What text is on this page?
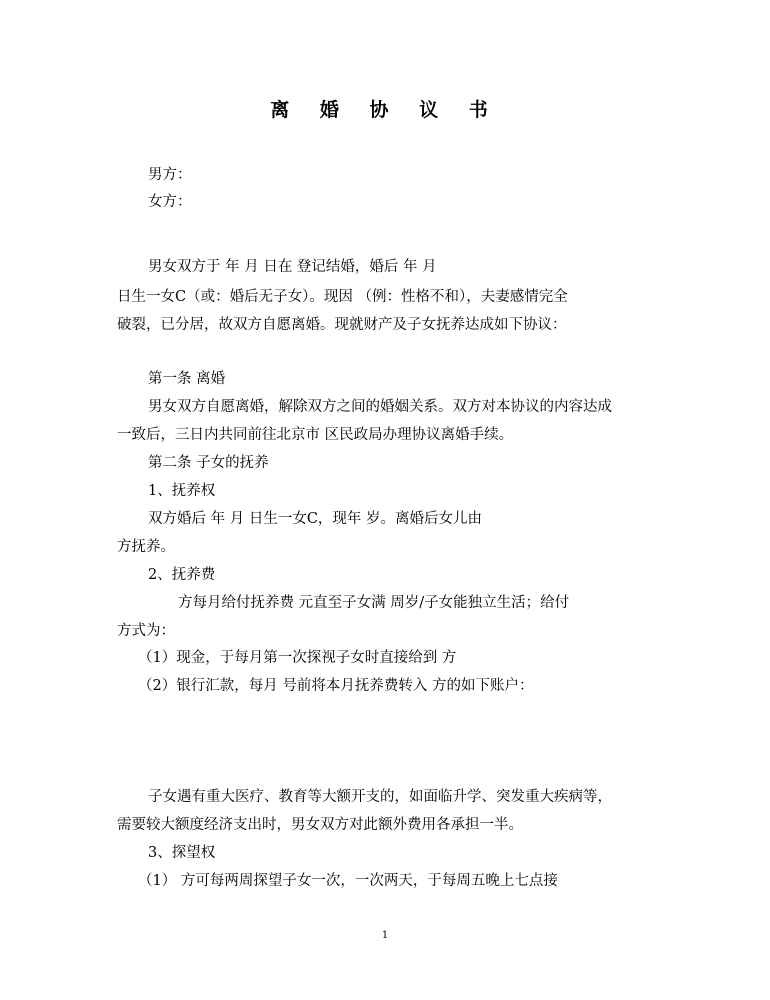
离 婚 协 议 书
男方：
女方：
男女双方于 年 月 日在 登记结婚，婚后 年 月
日生一女C（或：婚后无子女）。现因 （例：性格不和），夫妻感情完全
破裂，已分居，故双方自愿离婚。现就财产及子女抚养达成如下协议：
第一条 离婚
男女双方自愿离婚，解除双方之间的婚姻关系。双方对本协议的内容达成
一致后，三日内共同前往北京市 区民政局办理协议离婚手续。
第二条 子女的抚养
1、抚养权
双方婚后 年 月 日生一女C，现年 岁。离婚后女儿由
方抚养。
2、抚养费
方每月给付抚养费 元直至子女满 周岁/子女能独立生活；给付
方式为：
（1）现金，于每月第一次探视子女时直接给到 方
（2）银行汇款，每月 号前将本月抚养费转入 方的如下账户：
子女遇有重大医疗、教育等大额开支的，如面临升学、突发重大疾病等，
需要较大额度经济支出时，男女双方对此额外费用各承担一半。
3、探望权
（1） 方可每两周探望子女一次，一次两天，于每周五晚上七点接
1
